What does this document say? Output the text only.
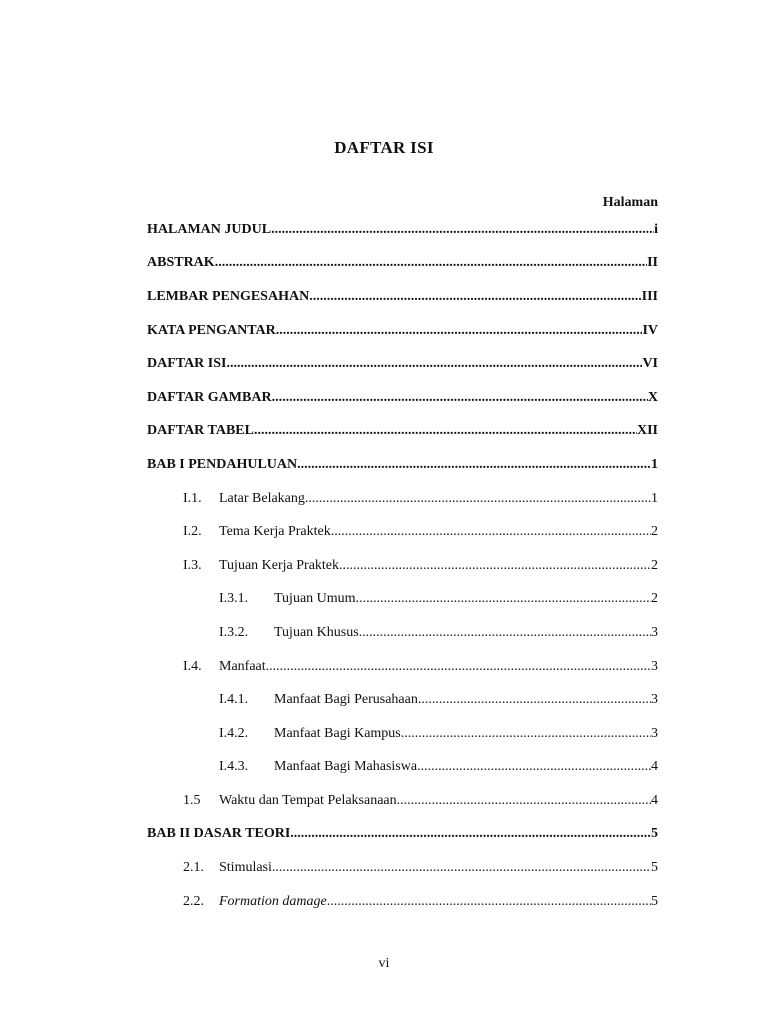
DAFTAR ISI
Halaman
HALAMAN JUDUL .....	i
ABSTRAK .....	II
LEMBAR PENGESAHAN .....	III
KATA PENGANTAR .....	IV
DAFTAR ISI .....	VI
DAFTAR GAMBAR .....	X
DAFTAR TABEL .....	XII
BAB I PENDAHULUAN .....	1
I.1.	Latar Belakang .....	1
I.2.	Tema Kerja Praktek .....	2
I.3.	Tujuan Kerja Praktek .....	2
I.3.1.	Tujuan Umum .....	2
I.3.2.	Tujuan Khusus .....	3
I.4.	Manfaat .....	3
I.4.1.	Manfaat Bagi Perusahaan .....	3
I.4.2.	Manfaat Bagi Kampus .....	3
I.4.3.	Manfaat Bagi Mahasiswa .....	4
1.5	Waktu dan Tempat Pelaksanaan .....	4
BAB II DASAR TEORI .....	5
2.1.	Stimulasi .....	5
2.2.	Formation damage .....	5
vi
